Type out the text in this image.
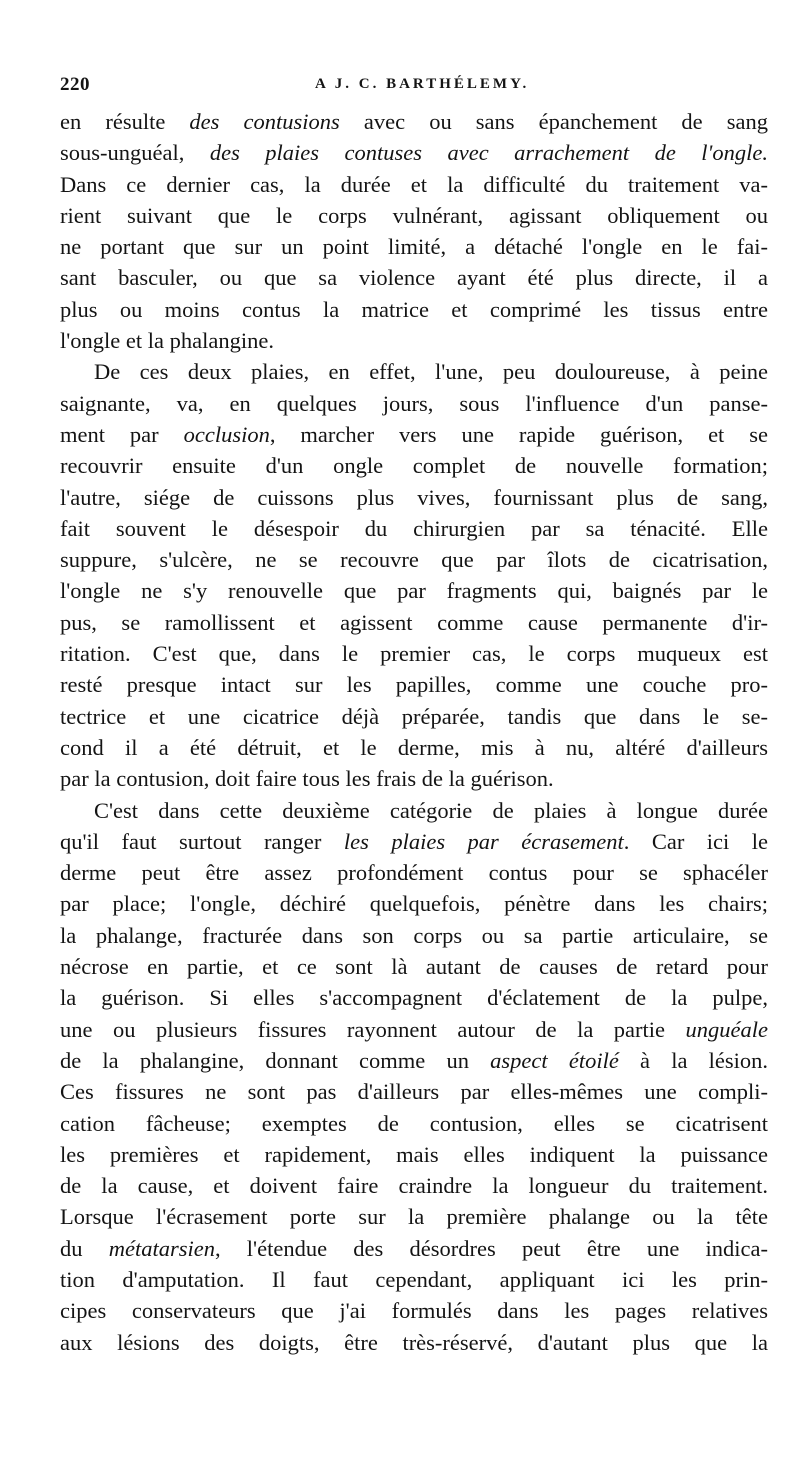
220	A J. C. BARTHÉLEMY.
en résulte des contusions avec ou sans épanchement de sang
sous-unguéal, des plaies contuses avec arrachement de l'ongle.
Dans ce dernier cas, la durée et la difficulté du traitement va-
rient suivant que le corps vulnérant, agissant obliquement ou
ne portant que sur un point limité, a détaché l'ongle en le fai-
sant basculer, ou que sa violence ayant été plus directe, il a
plus ou moins contus la matrice et comprimé les tissus entre
l'ongle et la phalangine.
De ces deux plaies, en effet, l'une, peu douloureuse, à peine
saignante, va, en quelques jours, sous l'influence d'un panse-
ment par occlusion, marcher vers une rapide guérison, et se
recouvrir ensuite d'un ongle complet de nouvelle formation;
l'autre, siége de cuissons plus vives, fournissant plus de sang,
fait souvent le désespoir du chirurgien par sa ténacité. Elle
suppure, s'ulcère, ne se recouvre que par îlots de cicatrisation,
l'ongle ne s'y renouvelle que par fragments qui, baignés par le
pus, se ramollissent et agissent comme cause permanente d'ir-
ritation. C'est que, dans le premier cas, le corps muqueux est
resté presque intact sur les papilles, comme une couche pro-
tectrice et une cicatrice déjà préparée, tandis que dans le se-
cond il a été détruit, et le derme, mis à nu, altéré d'ailleurs
par la contusion, doit faire tous les frais de la guérison.
C'est dans cette deuxième catégorie de plaies à longue durée
qu'il faut surtout ranger les plaies par écrasement. Car ici le
derme peut être assez profondément contus pour se sphacéler
par place; l'ongle, déchiré quelquefois, pénètre dans les chairs;
la phalange, fracturée dans son corps ou sa partie articulaire, se
nécrose en partie, et ce sont là autant de causes de retard pour
la guérison. Si elles s'accompagnent d'éclatement de la pulpe,
une ou plusieurs fissures rayonnent autour de la partie unguéale
de la phalangine, donnant comme un aspect étoilé à la lésion.
Ces fissures ne sont pas d'ailleurs par elles-mêmes une compli-
cation fâcheuse; exemptes de contusion, elles se cicatrisent
les premières et rapidement, mais elles indiquent la puissance
de la cause, et doivent faire craindre la longueur du traitement.
Lorsque l'écrasement porte sur la première phalange ou la tête
du métatarsien, l'étendue des désordres peut être une indica-
tion d'amputation. Il faut cependant, appliquant ici les prin-
cipes conservateurs que j'ai formulés dans les pages relatives
aux lésions des doigts, être très-réservé, d'autant plus que la
